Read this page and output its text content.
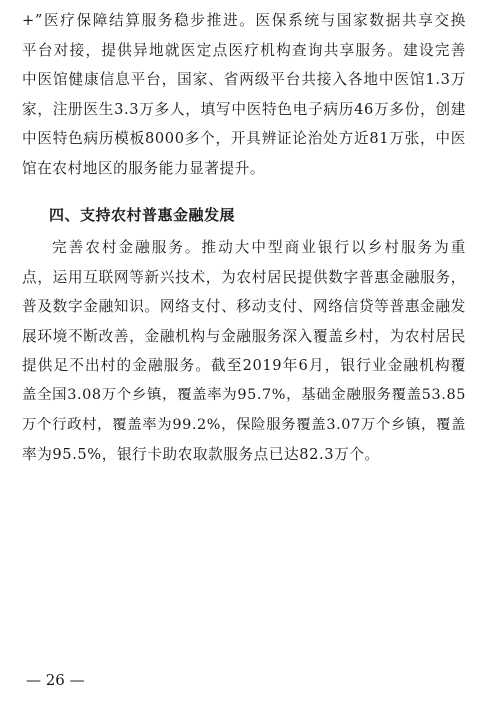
+”医疗保障结算服务稳步推进。医保系统与国家数据共享交换
平台对接，提供异地就医定点医疗机构查询共享服务。建设完善
中医馆健康信息平台，国家、省两级平台共接入各地中医馆1.3万
家，注册医生3.3万多人，填写中医特色电子病历46万多份，创建
中医特色病历模板8000多个，开具辨证论治处方近81万张，中医
馆在农村地区的服务能力显著提升。
四、支持农村普惠金融发展
完善农村金融服务。推动大中型商业银行以乡村服务为重
点，运用互联网等新兴技术，为农村居民提供数字普惠金融服务，
普及数字金融知识。网络支付、移动支付、网络信贷等普惠金融发
展环境不断改善，金融机构与金融服务深入覆盖乡村，为农村居民
提供足不出村的金融服务。截至2019年6月，银行业金融机构覆
盖全国3.08万个乡镇，覆盖率为95.7%，基础金融服务覆盖53.85
万个行政村，覆盖率为99.2%，保险服务覆盖3.07万个乡镇，覆盖
率为95.5%，银行卡助农取款服务点已达82.3万个。
— 26 —
